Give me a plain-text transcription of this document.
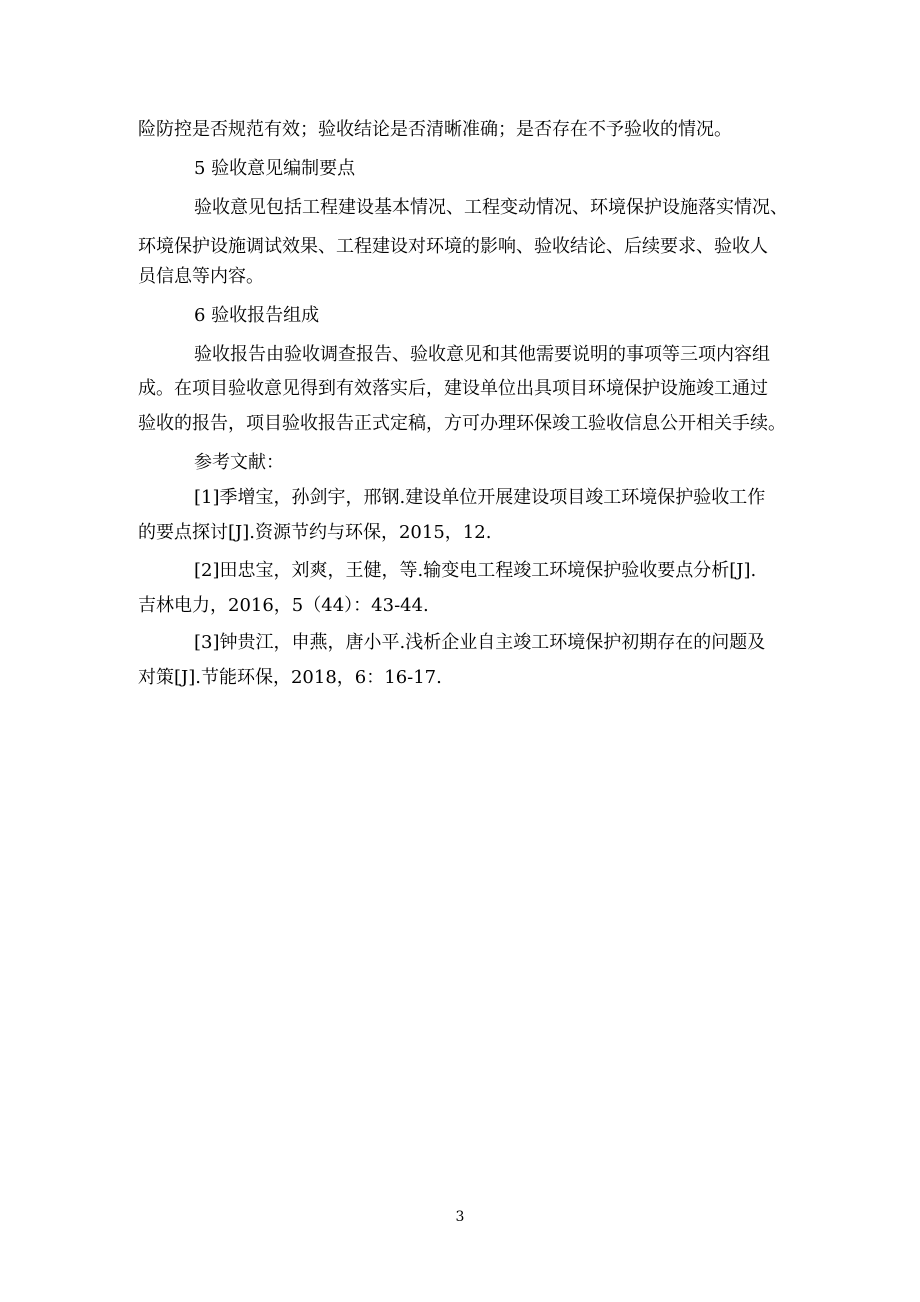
险防控是否规范有效；验收结论是否清晰准确；是否存在不予验收的情况。
5 验收意见编制要点
验收意见包括工程建设基本情况、工程变动情况、环境保护设施落实情况、
环境保护设施调试效果、工程建设对环境的影响、验收结论、后续要求、验收人
员信息等内容。
6 验收报告组成
验收报告由验收调查报告、验收意见和其他需要说明的事项等三项内容组
成。在项目验收意见得到有效落实后，建设单位出具项目环境保护设施竣工通过
验收的报告，项目验收报告正式定稿，方可办理环保竣工验收信息公开相关手续。
参考文献：
[1]季增宝，孙剑宇，邢钢.建设单位开展建设项目竣工环境保护验收工作
的要点探讨[J].资源节约与环保，2015，12.
[2]田忠宝，刘爽，王健，等.输变电工程竣工环境保护验收要点分析[J].
吉林电力，2016，5（44）：43-44.
[3]钟贵江，申燕，唐小平.浅析企业自主竣工环境保护初期存在的问题及
对策[J].节能环保，2018，6：16-17.
3
